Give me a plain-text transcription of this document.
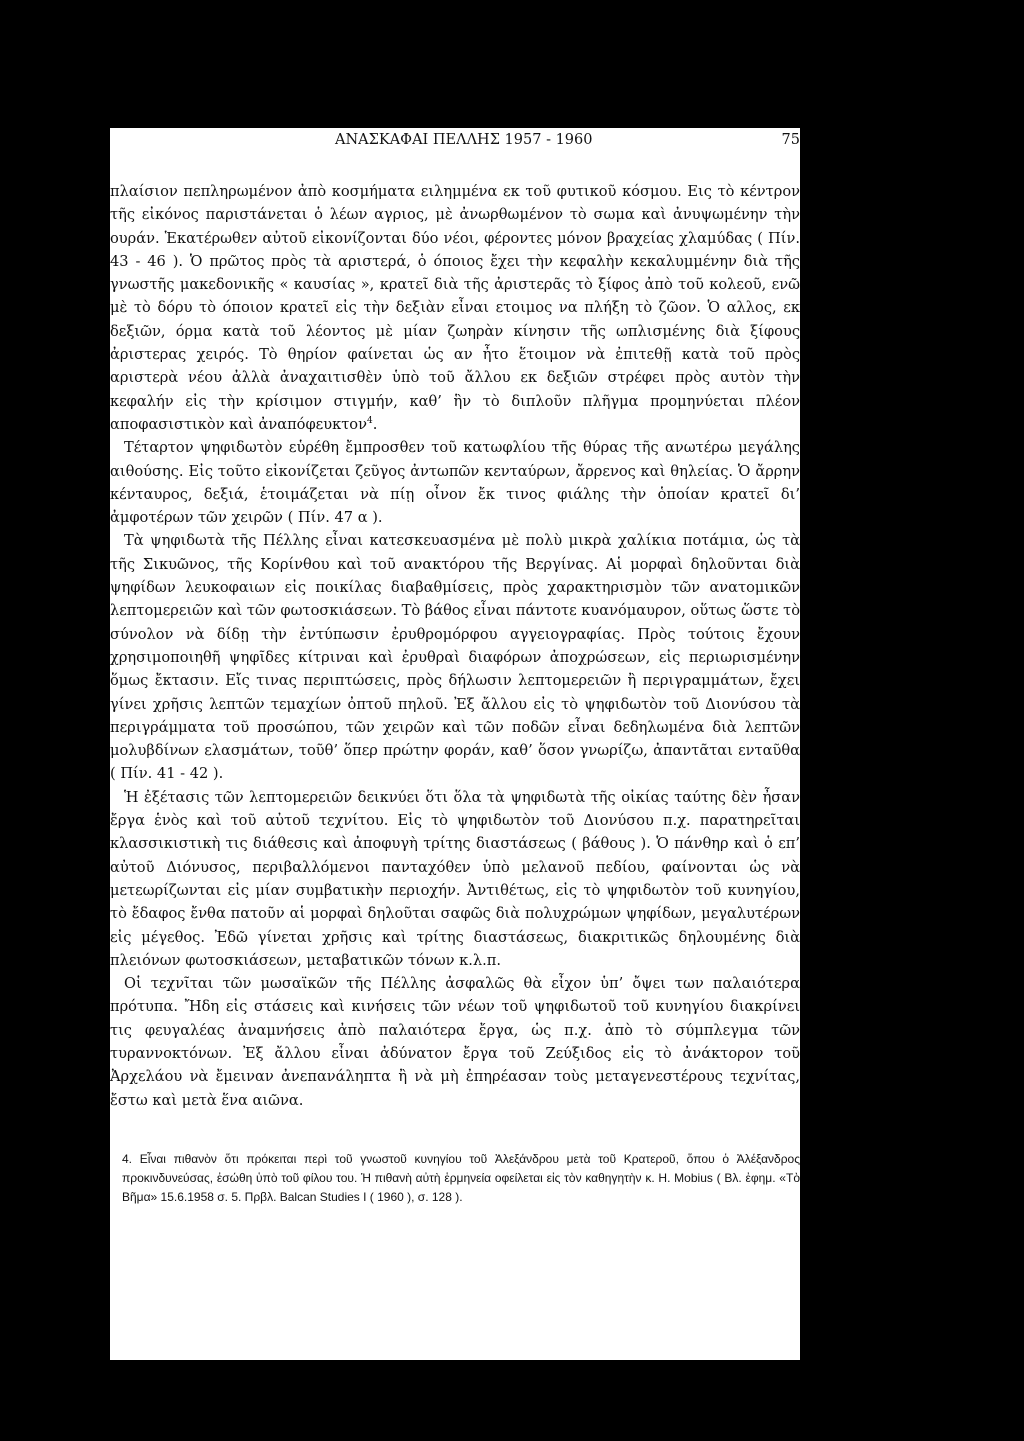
ΑΝΑΣΚΑΦΑΙ ΠΕΛΛΗΣ 1957 - 1960	75

πλαίσιον πεπληρωμένον ἀπὸ κοσμήματα ειλημμένα εκ τοῦ φυτικοῦ κόσμου. Εις τὸ κέντρον τῆς εἰκόνος παριστάνεται ὁ λέων αγριος, μὲ ἀνωρθωμένον τὸ σωμα καὶ ἀνυψωμένην τὴν ουράν. Ἑκατέρωθεν αὐτοῦ εἰκονίζονται δύο νέοι, φέροντες μόνον βραχείας χλαμύδας ( Πίν. 43 - 46 ). Ὁ πρῶτος πρὸς τὰ αριστερά, ὁ όποιος ἔχει τὴν κεφαλὴν κεκαλυμμένην διὰ τῆς γνωστῆς μακεδονικῆς « καυσίας », κρατεῖ διὰ τῆς ἀριστερᾶς τὸ ξίφος ἀπὸ τοῦ κολεοῦ, ενῶ μὲ τὸ δόρυ τὸ όποιον κρατεῖ εἰς τὴν δεξιὰν εἶναι ετοιμος να πλήξη τὸ ζῶον. Ὁ αλλος, εκ δεξιῶν, όρμα κατὰ τοῦ λέοντος μὲ μίαν ζωηρὰν κίνησιν τῆς ωπλισμένης διὰ ξίφους ἀριστερας χειρός. Τὸ θηρίον φαίνεται ὡς αν ἦτο ἕτοιμον νὰ ἐπιτεθῇ κατὰ τοῦ πρὸς αριστερὰ νέου ἀλλὰ ἀναχαιτισθὲν ὑπὸ τοῦ ἄλλου εκ δεξιῶν στρέφει πρὸς αυτὸν τὴν κεφαλήν εἰς τὴν κρίσιμον στιγμήν, καθ’ ἣν τὸ διπλοῦν πλῆγμα προμηνύεται πλέον αποφασιστικὸν καὶ ἀναπόφευκτον$^4$.

Τέταρτον ψηφιδωτὸν εὑρέθη ἔμπροσθεν τοῦ κατωφλίου τῆς θύρας τῆς ανωτέρω μεγάλης αιθούσης. Εἰς τοῦτο εἰκονίζεται ζεῦγος ἀντωπῶν κενταύρων, ἄρρενος καὶ θηλείας. Ὁ ἄρρην κένταυρος, δεξιά, ἑτοιμάζεται νὰ πίῃ οἶνον ἔκ τινος φιάλης τὴν ὁποίαν κρατεῖ δι’ ἀμφοτέρων τῶν χειρῶν ( Πίν. 47 α ).

Τὰ ψηφιδωτὰ τῆς Πέλλης εἶναι κατεσκευασμένα μὲ πολὺ μικρὰ χαλίκια ποτάμια, ὡς τὰ τῆς Σικυῶνος, τῆς Κορίνθου καὶ τοῦ ανακτόρου τῆς Βεργίνας. Αἱ μορφαὶ δηλοῦνται διὰ ψηφίδων λευκοφαιων εἰς ποικίλας διαβαθμίσεις, πρὸς χαρακτηρισμὸν τῶν ανατομικῶν λεπτομερειῶν καὶ τῶν φωτοσκιάσεων. Τὸ βάθος εἶναι πάντοτε κυανόμαυρον, οὕτως ὥστε τὸ σύνολον νὰ δίδῃ τὴν ἐντύπωσιν ἐρυθρομόρφου αγγειογραφίας. Πρὸς τούτοις ἔχουν χρησιμοποιηθῆ ψηφῖδες κίτριναι καὶ ἐρυθραὶ διαφόρων ἀποχρώσεων, εἰς περιωρισμένην ὅμως ἔκτασιν. Εἴς τινας περιπτώσεις, πρὸς δήλωσιν λεπτομερειῶν ἢ περιγραμμάτων, ἔχει γίνει χρῆσις λεπτῶν τεμαχίων ὀπτοῦ πηλοῦ. Ἐξ ἄλλου εἰς τὸ ψηφιδωτὸν τοῦ Διονύσου τὰ περιγράμματα τοῦ προσώπου, τῶν χειρῶν καὶ τῶν ποδῶν εἶναι δεδηλωμένα διὰ λεπτῶν μολυβδίνων ελασμάτων, τοῦθ’ ὅπερ πρώτην φοράν, καθ’ ὅσον γνωρίζω, ἀπαντᾶται ενταῦθα ( Πίν. 41 - 42 ).

Ἡ ἐξέτασις τῶν λεπτομερειῶν δεικνύει ὅτι ὅλα τὰ ψηφιδωτὰ τῆς οἰκίας ταύτης δὲν ἦσαν ἔργα ἑνὸς καὶ τοῦ αὐτοῦ τεχνίτου. Εἰς τὸ ψηφιδωτὸν τοῦ Διονύσου π.χ. παρατηρεῖται κλασσικιστικὴ τις διάθεσις καὶ ἀποφυγὴ τρίτης διαστάσεως ( βάθους ). Ὁ πάνθηρ καὶ ὁ επ’ αὐτοῦ Διόνυσος, περιβαλλόμενοι πανταχόθεν ὑπὸ μελανοῦ πεδίου, φαίνονται ὡς νὰ μετεωρίζωνται εἰς μίαν συμβατικὴν περιοχήν. Ἀντιθέτως, εἰς τὸ ψηφιδωτὸν τοῦ κυνηγίου, τὸ ἔδαφος ἔνθα πατοῦν αἱ μορφαὶ δηλοῦται σαφῶς διὰ πολυχρώμων ψηφίδων, μεγαλυτέρων εἰς μέγεθος. Ἐδῶ γίνεται χρῆσις καὶ τρίτης διαστάσεως, διακριτικῶς δηλουμένης διὰ πλειόνων φωτοσκιάσεων, μεταβατικῶν τόνων κ.λ.π.

Οἱ τεχνῖται τῶν μωσαϊκῶν τῆς Πέλλης ἀσφαλῶς θὰ εἶχον ὑπ’ ὄψει των παλαιότερα πρότυπα. Ἤδη εἰς στάσεις καὶ κινήσεις τῶν νέων τοῦ ψηφιδωτοῦ τοῦ κυνηγίου διακρίνει τις φευγαλέας ἀναμνήσεις ἀπὸ παλαιότερα ἔργα, ὡς π.χ. ἀπὸ τὸ σύμπλεγμα τῶν τυραννοκτόνων. Ἐξ ἄλλου εἶναι ἀδύνατον ἔργα τοῦ Ζεύξιδος εἰς τὸ ἀνάκτορον τοῦ Ἀρχελάου νὰ ἔμειναν ἀνεπανάληπτα ἢ νὰ μὴ ἐπηρέασαν τοὺς μεταγενεστέρους τεχνίτας, ἔστω καὶ μετὰ ἕνα αιῶνα.

4. Εἶναι πιθανὸν ὅτι πρόκειται περὶ τοῦ γνωστοῦ κυνηγίου τοῦ Ἀλεξάνδρου μετὰ τοῦ Κρατεροῦ, ὅπου ὁ Ἀλέξανδρος προκινδυνεύσας, ἐσώθη ὑπὸ τοῦ φίλου του. Ἡ πιθανὴ αὐτὴ ἑρμηνεία οφείλεται εἰς τὸν καθηγητὴν κ. H. Mobius ( Βλ. ἐφημ. «Τὸ Βῆμα» 15.6.1958 σ. 5. Πρβλ. Balcan Studies I ( 1960 ), σ. 128 ).
